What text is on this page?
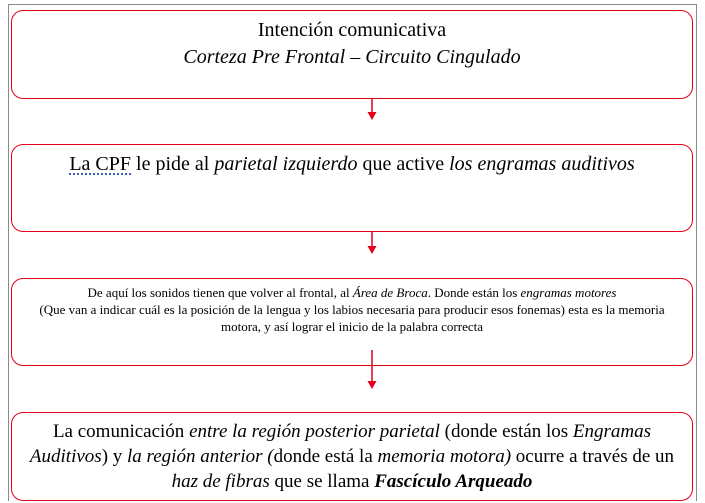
Intención comunicativa
Corteza Pre Frontal – Circuito Cingulado
La CPF le pide al parietal izquierdo que active los engramas auditivos
De aquí los sonidos tienen que volver al frontal, al Área de Broca. Donde están los engramas motores
(Que van a indicar cuál es la posición de la lengua y los labios necesaria para producir esos fonemas) esta es la memoria motora, y así lograr el inicio de la palabra correcta
La comunicación entre la región posterior parietal (donde están los Engramas Auditivos) y la región anterior (donde está la memoria motora) ocurre a través de un haz de fibras que se llama Fascículo Arqueado
